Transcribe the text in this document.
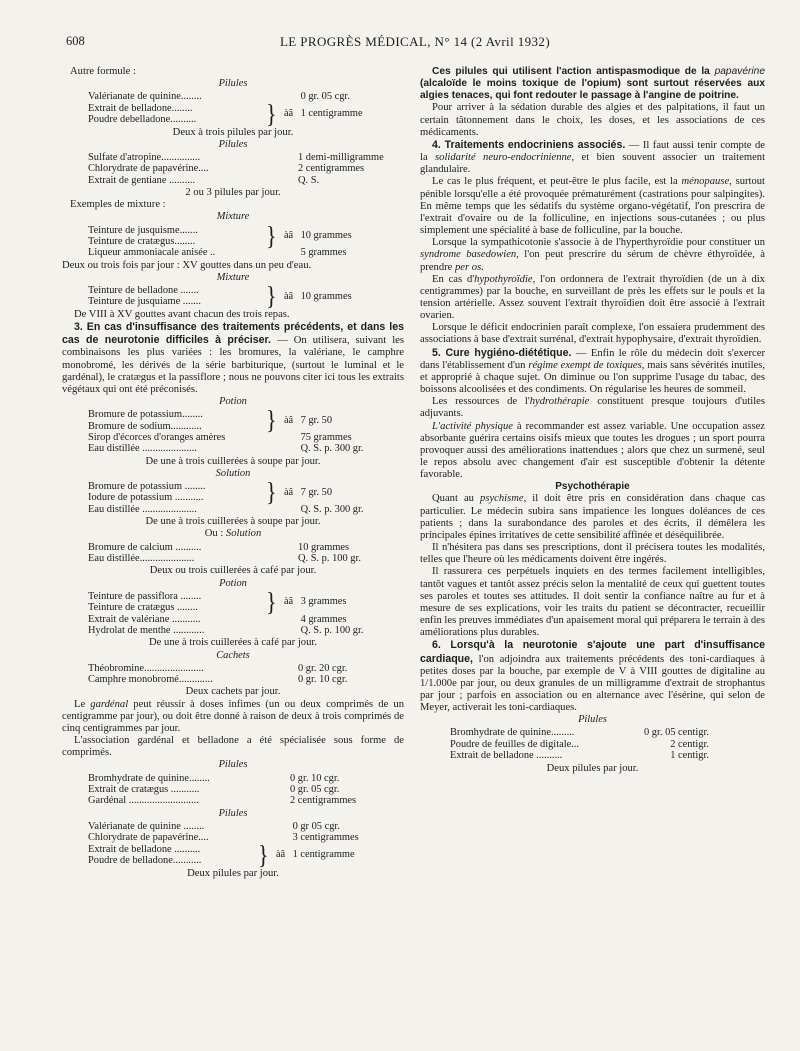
608	LE PROGRÈS MÉDICAL, N° 14 (2 Avril 1932)

Autre formule :

Pilules

Valérianate de quinine........			0 gr. 05 cgr.
Extrait de belladone........	}	àâ	1 centigramme
Poudre debelladone..........			

Deux à trois pilules par jour.

Pilules

Sulfate d'atropine...............			1 demi-milligramme
Chlorydrate de papavérine....			2 centigrammes
Extrait de gentiane ..........			Q. S.

2 ou 3 pilules par jour.

Exemples de mixture :

Mixture

Teinture de jusquisme.......	}	àâ	10 grammes
Teinture de cratægus........			
Liqueur ammoniacale anisée ..			5 grammes

Deux ou trois fois par jour : XV gouttes dans un peu d'eau.

Mixture

Teinture de belladone .......	}	àâ	10 grammes
Teinture de jusquiame .......

De VIII à XV gouttes avant chacun des trois repas.

3. En cas d'insuffisance des traitements précédents, et dans les cas de neurotonie difficiles à préciser. — On utilisera, suivant les combinaisons les plus variées : les bromures, la valériane, le camphre monobromé, les dérivés de la série barbiturique, (surtout le luminal et le gardénal), le cratægus et la passiflore ; nous ne pouvons citer ici tous les extraits végétaux qui ont été préconisés.

Potion

Bromure de potassium........	}	àâ	7 gr. 50
Bromure de sodium............			
Sirop d'écorces d'oranges amères			75 grammes
Eau distillée .....................			Q. S. p. 300 gr.

De une à trois cuillerées à soupe par jour.

Solution

Bromure de potassium ........	}	àâ	7 gr. 50
Iodure de potassium ...........			
Eau distillée .....................			Q. S. p. 300 gr.

De une à trois cuillerées à soupe par jour.

Ou : Solution

Bromure de calcium ..........			10 grammes
Eau distillée.....................			Q. S. p. 100 gr.

Deux ou trois cuillerées à café par jour.

Potion

Teinture de passiflora ........	}	àâ	3 grammes
Teinture de cratægus ........			
Extrait de valériane ...........			4 grammes
Hydrolat de menthe ............			Q. S. p. 100 gr.

De une à trois cuillerées à café par jour.

Cachets

Théobromine.......................			0 gr. 20 cgr.
Camphre monobromé.............			0 gr. 10 cgr.

Deux cachets par jour.

Le gardénal peut réussir à doses infimes (un ou deux comprimés de un centigramme par jour), ou doit être donné à raison de deux à trois comprimés de cinq centigrammes par jour.

L'association gardénal et belladone a été spécialisée sous forme de comprimés.

Pilules

Bromhydrate de quinine........			0 gr. 10 cgr.
Extrait de cratægus ...........			0 gr. 05 cgr.
Gardénal ...........................			2 centigrammes

Pilules

Valérianate de quinine ........			0 gr 05 cgr.
Chlorydrate de papavérine....			3 centigrammes
Extrait de belladone ..........	}	àâ	1 centigramme
Poudre de belladone...........			

Deux pilules par jour.

Ces pilules qui utilisent l'action antispasmodique de la papavérine (alcaloïde le moins toxique de l'opium) sont surtout réservées aux algies tenaces, qui font redouter le passage à l'angine de poitrine.

Pour arriver à la sédation durable des algies et des palpitations, il faut un certain tâtonnement dans le choix, les doses, et les associations de ces médicaments.

4. Traitements endocriniens associés. — Il faut aussi tenir compte de la solidarité neuro-endocrinienne, et bien souvent associer un traitement glandulaire.

Le cas le plus fréquent, et peut-être le plus facile, est la ménopause, surtout pénible lorsqu'elle a été provoquée prématurément (castrations pour salpingites). En même temps que les sédatifs du système organo-végétatif, l'on prescrira de l'extrait d'ovaire ou de la folliculine, en injections sous-cutanées ; ou plus simplement une spécialité à base de folliculine, par la bouche.

Lorsque la sympathicotonie s'associe à de l'hyperthyroïdie pour constituer un syndrome basedowien, l'on peut prescrire du sérum de chèvre éthyroïdée, à prendre per os.

En cas d'hypothyroïdie, l'on ordonnera de l'extrait thyroïdien (de un à dix centigrammes) par la bouche, en surveillant de près les effets sur le pouls et la tension artérielle. Assez souvent l'extrait thyroïdien doit être associé à l'extrait ovarien.

Lorsque le déficit endocrinien paraît complexe, l'on essaiera prudemment des associations à base d'extrait surrénal, d'extrait hypophysaire, d'extrait thyroïdien.

5. Cure hygiéno-diététique. — Enfin le rôle du médecin doit s'exercer dans l'établissement d'un régime exempt de toxiques, mais sans sévérités inutiles, et approprié à chaque sujet. On diminue ou l'on supprime l'usage du tabac, des boissons alcoolisées et des condiments. On régularise les heures de sommeil.

Les ressources de l'hydrothérapie constituent presque toujours d'utiles adjuvants.

L'activité physique à recommander est assez variable. Une occupation assez absorbante guérira certains oisifs mieux que toutes les drogues ; un sport pourra provoquer aussi des améliorations inattendues ; alors que chez un surmené, seul le repos absolu avec changement d'air est susceptible d'obtenir la détente favorable.

Psychothérapie

Quant au psychisme, il doit être pris en considération dans chaque cas particulier. Le médecin subira sans impatience les longues doléances de ces patients ; dans la surabondance des paroles et des écrits, il démêlera les principales épines irritatives de cette sensibilité affinée et déséquilibrée.

Il n'hésitera pas dans ses prescriptions, dont il précisera toutes les modalités, telles que l'heure où les médicaments doivent être ingérés.

Il rassurera ces perpétuels inquiets en des termes facilement intelligibles, tantôt vagues et tantôt assez précis selon la mentalité de ceux qui guettent toutes ses paroles et toutes ses attitudes. Il doit sentir la confiance naître au fur et à mesure de ses explications, voir les traits du patient se décontracter, recueillir enfin les preuves immédiates d'un apaisement moral qui préparera le terrain à des améliorations plus durables.

6. Lorsqu'à la neurotonie s'ajoute une part d'insuffisance cardiaque, l'on adjoindra aux traitements précédents des toni-cardiaques à petites doses par la bouche, par exemple de V à VIII gouttes de digitaline au 1/1.000e par jour, ou deux granules de un milligramme d'extrait de strophantus par jour ; parfois en association ou en alternance avec l'ésérine, qui selon de Meyer, activerait les toni-cardiaques.

Pilules

Bromhydrate de quinine.........		0 gr. 05 centigr.
Poudre de feuilles de digitale...		2 centigr.
Extrait de belladone ..........		1 centigr.

Deux pilules par jour.
